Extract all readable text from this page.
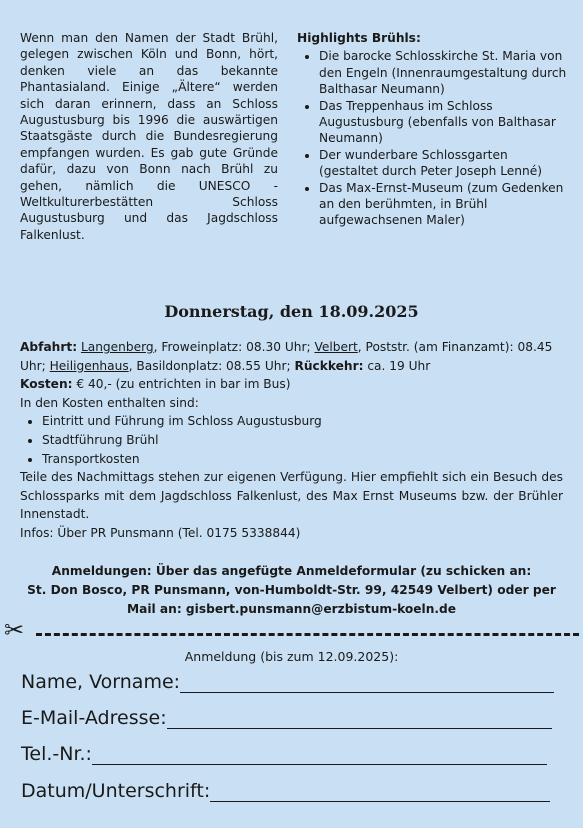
Wenn man den Namen der Stadt Brühl, gelegen zwischen Köln und Bonn, hört, denken viele an das bekannte Phantasialand. Einige „Ältere“ werden sich daran erinnern, dass an Schloss Augustusburg bis 1996 die auswärtigen Staatsgäste durch die Bundesregierung empfangen wurden. Es gab gute Gründe dafür, dazu von Bonn nach Brühl zu gehen, nämlich die UNESCO - Weltkulturerbestätten Schloss Augustusburg und das Jagdschloss Falkenlust.
Highlights Brühls:
• Die barocke Schlosskirche St. Maria von den Engeln (Innenraumgestaltung durch Balthasar Neumann)
• Das Treppenhaus im Schloss Augustusburg (ebenfalls von Balthasar Neumann)
• Der wunderbare Schlossgarten (gestaltet durch Peter Joseph Lenné)
• Das Max-Ernst-Museum (zum Gedenken an den berühmten, in Brühl aufgewachsenen Maler)
Donnerstag, den 18.09.2025

Abfahrt: Langenberg, Froweinplatz: 08.30 Uhr; Velbert, Poststr. (am Finanzamt): 08.45 Uhr; Heiligenhaus, Basildonplatz: 08.55 Uhr; Rückkehr: ca. 19 Uhr

Kosten: € 40,- (zu entrichten in bar im Bus)

In den Kosten enthalten sind:

• Eintritt und Führung im Schloss Augustusburg
• Stadtführung Brühl
• Transportkosten

Teile des Nachmittags stehen zur eigenen Verfügung. Hier empfiehlt sich ein Besuch des Schlossparks mit dem Jagdschloss Falkenlust, des Max Ernst Museums bzw. der Brühler Innenstadt.

Infos: Über PR Punsmann (Tel. 0175 5338844)

Anmeldungen: Über das angefügte Anmeldeformular (zu schicken an:
St. Don Bosco, PR Punsmann, von-Humboldt-Str. 99, 42549 Velbert) oder per
Mail an: gisbert.punsmann@erzbistum-koeln.de
✂
Anmeldung (bis zum 12.09.2025):
Name, Vorname:
E-Mail-Adresse:
Tel.-Nr.:
Datum/Unterschrift:
